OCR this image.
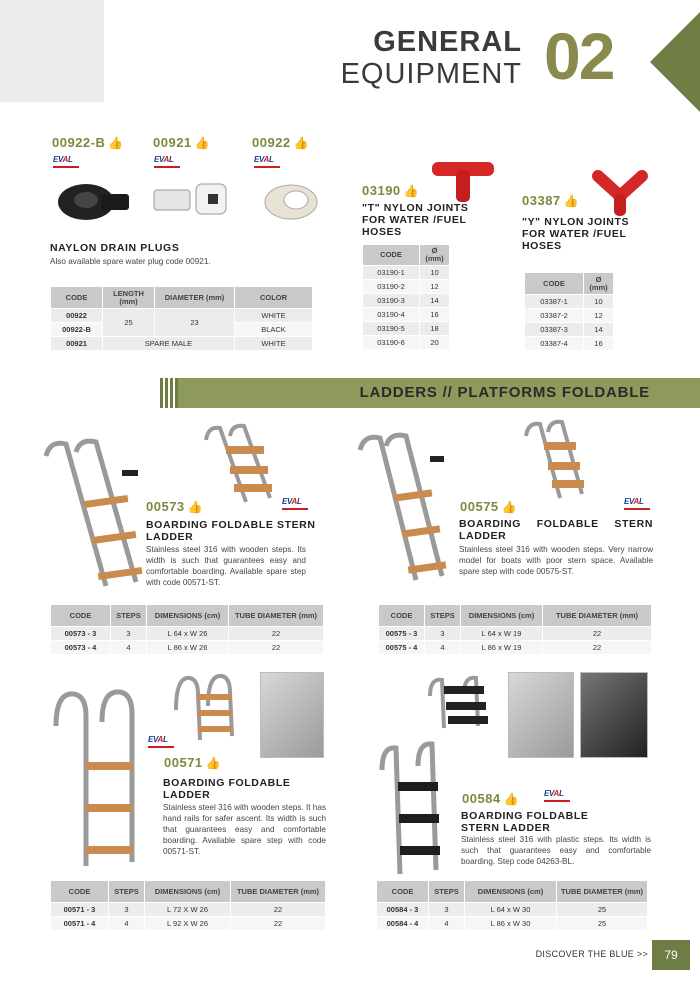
GENERAL
EQUIPMENT 02
00922-B 👍 00921 👍	00922 👍
EVAL	EVAL	EVAL
NAYLON DRAIN PLUGS
Also available spare water plug code 00921.
CODE	LENGTH (mm)	DIAMETER (mm)	COLOR
00922	25	23	WHITE
00922-B			BLACK
00921	SPARE MALE		WHITE
03190 👍
"T" NYLON JOINTS FOR WATER /FUEL HOSES
CODE	Ø (mm)
03190-1	10
03190-2	12
03190-3	14
03190-4	16
03190-5	18
03190-6	20
03387 👍
"Y" NYLON JOINTS FOR WATER /FUEL HOSES
CODE	Ø (mm)
03387-1	10
03387-2	12
03387-3	14
03387-4	16
LADDERS // PLATFORMS FOLDABLE
00573 👍	EVAL
BOARDING FOLDABLE STERN LADDER
Stainless steel 316 with wooden steps. Its width is such that guarantees easy and comfortable boarding. Available spare step with code 00571-ST.
CODE	STEPS	DIMENSIONS (cm)	TUBE DIAMETER (mm)
00573 - 3	3	L 64 x W 26	22
00573 - 4	4	L 86 x W 26	22
00575 👍	EVAL
BOARDING FOLDABLE STERN LADDER
Stainless steel 316 with wooden steps. Very narrow model for boats with poor stern space. Available spare step with code 00575-ST.
CODE	STEPS	DIMENSIONS (cm)	TUBE DIAMETER (mm)
00575 - 3	3	L 64 x W 19	22
00575 - 4	4	L 86 x W 19	22
EVAL
00571 👍
BOARDING FOLDABLE LADDER
Stainless steel 316 with wooden steps. It has hand rails for safer ascent. Its width is such that guarantees easy and comfortable boarding. Available spare step with code 00571-ST.
CODE	STEPS	DIMENSIONS (cm)	TUBE DIAMETER (mm)
00571 - 3	3	L 72 X W 26	22
00571 - 4	4	L 92 X W 26	22
00584 👍	EVAL
BOARDING FOLDABLE STERN LADDER
Stainless steel 316 with plastic steps. Its width is such that guarantees easy and comfortable boarding. Step code 04263-BL.
CODE	STEPS	DIMENSIONS (cm)	TUBE DIAMETER (mm)
00584 - 3	3	L 64 x W 30	25
00584 - 4	4	L 86 x W 30	25
DISCOVER THE BLUE >>	79
